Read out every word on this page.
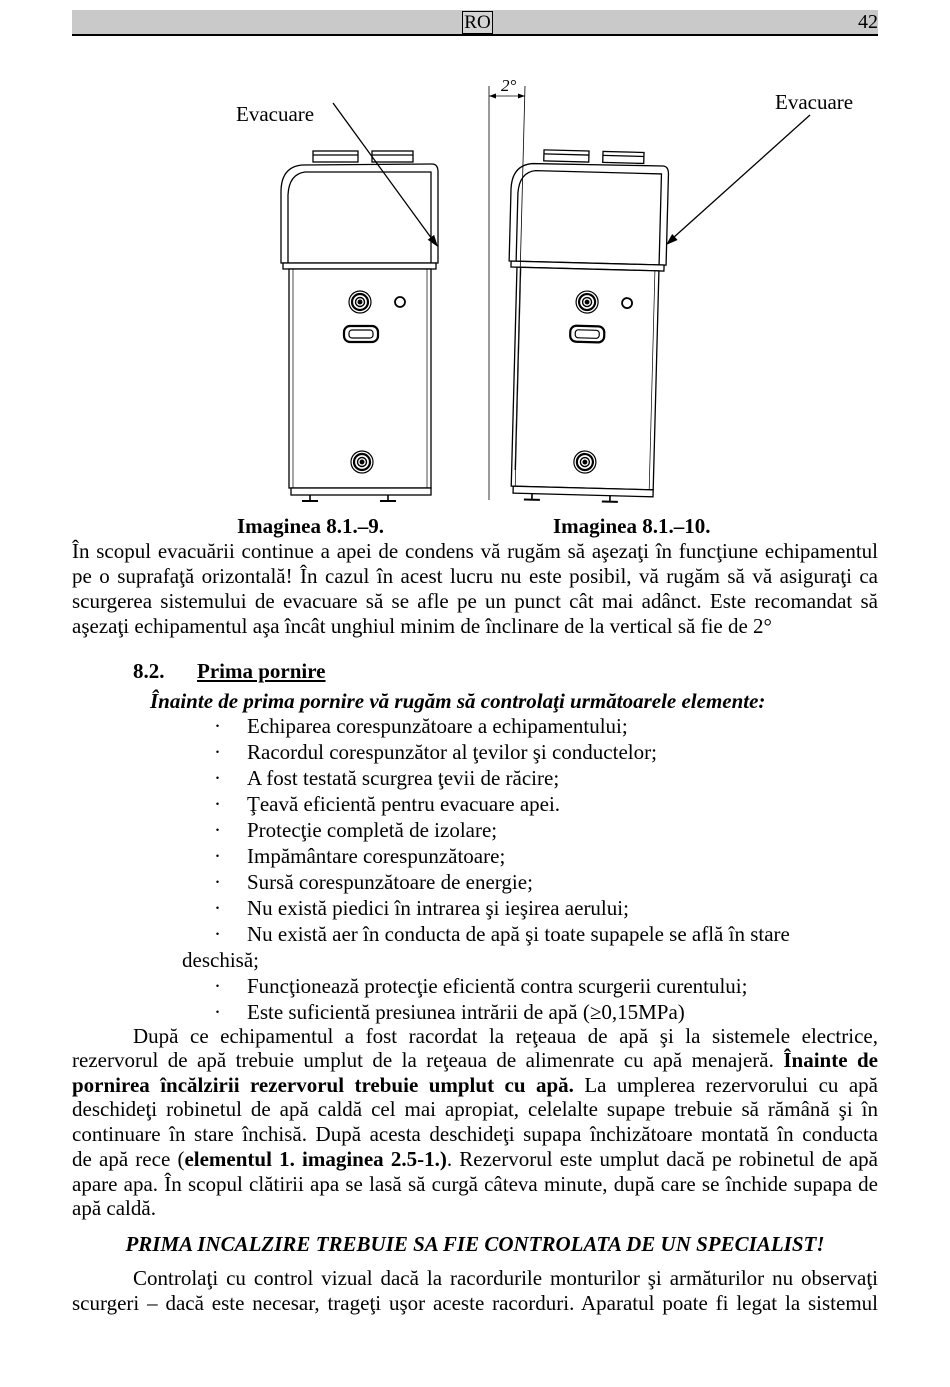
RO	42
Evacuare	Evacuare
2°
Imaginea 8.1.–9.	Imaginea 8.1.–10.
În scopul evacuării continue a apei de condens vă rugăm să aşezaţi în funcţiune echipamentul
pe o suprafaţă orizontală! În cazul în acest lucru nu este posibil, vă rugăm să vă asiguraţi ca
scurgerea sistemului de evacuare să se afle pe un punct cât mai adânct. Este recomandat să
aşezaţi echipamentul aşa încât unghiul minim de înclinare de la vertical să fie de 2°
8.2. Prima pornire
Înainte de prima pornire vă rugăm să controlaţi următoarele elemente:
· Echiparea corespunzătoare a echipamentului;
· Racordul corespunzător al ţevilor şi conductelor;
· A fost testată scurgrea ţevii de răcire;
· Ţeavă eficientă pentru evacuare apei.
· Protecţie completă de izolare;
· Impământare corespunzătoare;
· Sursă corespunzătoare de energie;
· Nu există piedici în intrarea şi ieşirea aerului;
· Nu există aer în conducta de apă şi toate supapele se află în stare
deschisă;
· Funcţionează protecţie eficientă contra scurgerii curentului;
· Este suficientă presiunea intrării de apă (≥0,15MPa)
După ce echipamentul a fost racordat la reţeaua de apă şi la sistemele electrice,
rezervorul de apă trebuie umplut de la reţeaua de alimenrate cu apă menajeră. Înainte de
pornirea încălzirii rezervorul trebuie umplut cu apă. La umplerea rezervorului cu apă
deschideţi robinetul de apă caldă cel mai apropiat, celelalte supape trebuie să rămână şi în
continuare în stare închisă. După acesta deschideţi supapa închizătoare montată în conducta
de apă rece (elementul 1. imaginea 2.5-1.). Rezervorul este umplut dacă pe robinetul de apă
apare apa. În scopul clătirii apa se lasă să curgă câteva minute, după care se închide supapa de
apă caldă.
PRIMA INCALZIRE TREBUIE SA FIE CONTROLATA DE UN SPECIALIST!
Controlaţi cu control vizual dacă la racordurile monturilor şi armăturilor nu observaţi
scurgeri – dacă este necesar, trageţi uşor aceste racorduri. Aparatul poate fi legat la sistemul
